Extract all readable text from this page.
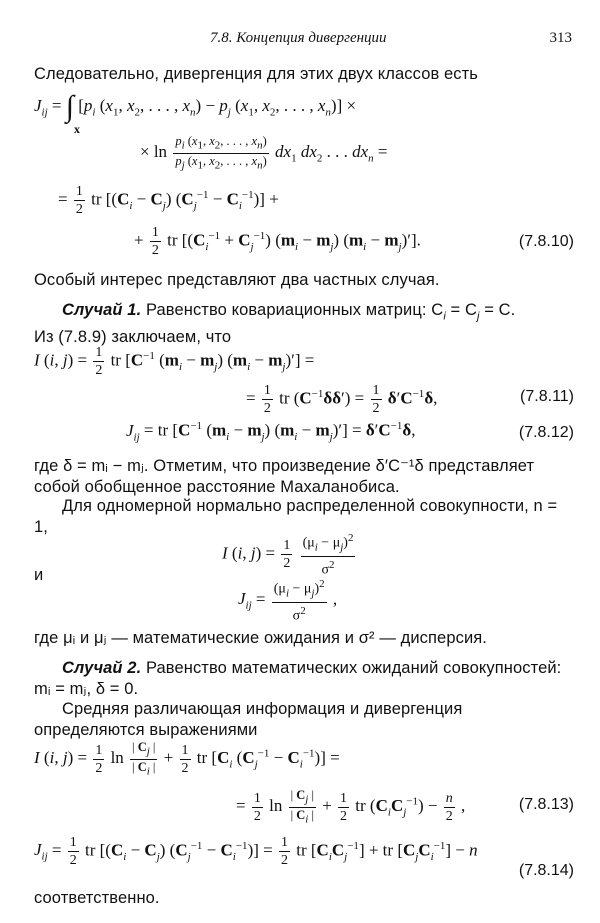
7.8. Концепция дивергенции	313
Следовательно, дивергенция для этих двух классов есть
$J_{ij}$ = ∫ [$p_i$ ($x_1$, $x_2$, . . . , $x_n) - p_j$ ($x_1$, $x_2$, . . . , $x_n$)] ×
x
× $\ln \frac{p_i (x_1, x_2, . . . , x_n)}{p_j (x_1, x_2, . . . , x_n)} dx_1$ $dx_2$ . . . $dx_n$ =
= $\frac{1}{2}$ tr $[(C_i - C_j) (C_j^{-1} - C_i^{-1})]$ +
+ $\frac{1}{2}$ tr $[(C_i^{-1} + C_j^{-1}) (m_i - m_j) (m_i - m_j)']$.	(7.8.10)
Особый интерес представляют два частных случая.
Случай 1. Равенство ковариационных матриц: $C_i = C_j = C$.
Из (7.8.9) заключаем, что
I (i, $j) = \frac{1}{2}$ tr [$C^{-1}$ $(m_i - m_j) (m_i - m_j)'$] =
= $\frac{1}{2}$ tr $(C^{-1}\delta\delta') = \frac{1}{2} \delta'C^{-1}\delta$,	(7.8.11)
$J_{ij}$ = tr [$C^{-1}$ $(m_i - m_j) (m_i - m_j)'] = \delta'C^{-1}\delta$,	(7.8.12)
где δ = mᵢ − mⱼ. Отметим, что произведение δ′C⁻¹δ представляет собой обобщенное расстояние Махаланобиса.
Для одномерной нормально распределенной совокупности, n = 1,
I (i, $j) = \frac{1}{2}$
$\frac{(\mu_i - \mu_j)^2}{\sigma^2}$
и
$J_{ij} = \frac{(\mu_i - \mu_j)^2}{\sigma^2}$ ,
где μᵢ и μⱼ — математические ожидания и σ² — дисперсия.
Случай 2. Равенство математических ожиданий совокупностей: mᵢ = mⱼ, δ = 0.
Средняя различающая информация и дивергенция определяются выражениями
I (i, $j) = \frac{1}{2}$ $\ln \frac{| C_j |}{| C_i |} + \frac{1}{2}$ tr [$C_i$ $(C_j^{-1} - C_i^{-1})$] =
= $\frac{1}{2}$ $\ln \frac{| C_j |}{| C_i |} + \frac{1}{2}$ tr $(C_iC_j^{-1}) - \frac{n}{2}$ ,	(7.8.13)
$J_{ij} = \frac{1}{2}$ tr $[(C_i - C_j) (C_j^{-1} - C_i^{-1})] = \frac{1}{2}$ tr $[C_iC_j^{-1}]$ + tr $[C_jC_i^{-1}] - n$
(7.8.14)
соответственно.
